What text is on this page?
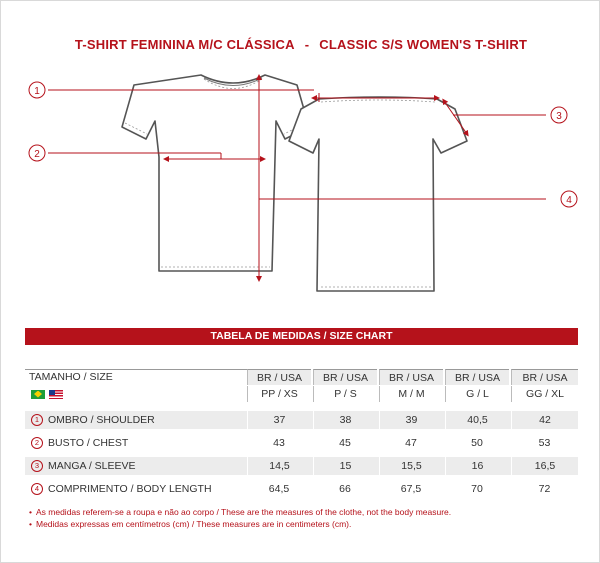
T-SHIRT FEMININA M/C CLÁSSICA - CLASSIC S/S WOMEN'S T-SHIRT
1
2
3
4
TABELA DE MEDIDAS / SIZE CHART
TAMANHO / SIZE	BR / USA	BR / USA	BR / USA	BR / USA	BR / USA
PP / XS	P / S	M / M	G / L	GG / XL
1 OMBRO / SHOULDER	37	38	39	40,5	42
2 BUSTO / CHEST	43	45	47	50	53
3 MANGA / SLEEVE	14,5	15	15,5	16	16,5
4 COMPRIMENTO / BODY LENGTH	64,5	66	67,5	70	72
• As medidas referem-se a roupa e não ao corpo / These are the measures of the clothe, not the body measure.
• Medidas expressas em centímetros (cm) / These measures are in centimeters (cm).
